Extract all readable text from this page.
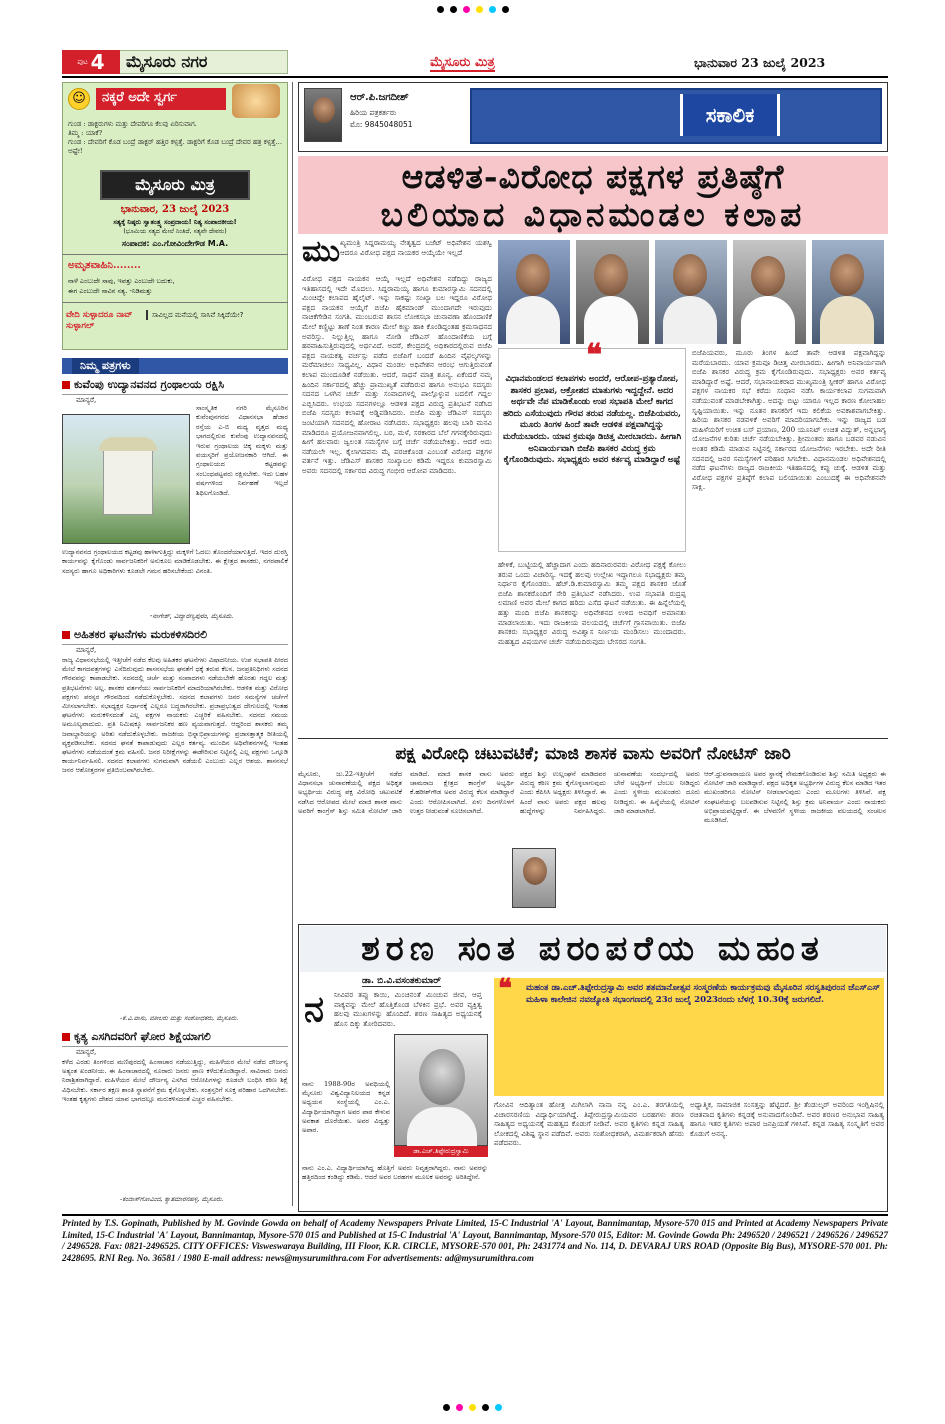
ಪುಟ 4 ಮೈಸೂರು ನಗರ	ಮೈಸೂರು ಮಿತ್ರ	ಭಾನುವಾರ 23 ಜುಲೈ 2023
☺	ನಕ್ಕರೆ ಅದೇ ಸ್ವರ್ಗ
ಗುಂಡ : ಡಾಕ್ಟರುಗಳು ಮತ್ತು ದೇವರಿಗೂ ಕೆಲವು ಏರಿಸುವಾಗ.
ತಿಮ್ಮ : ಯಾಕೆ?
ಗುಂಡ : ದೇವರಿಗೆ ಕೊಡ ಬಂದ್ರೆ ಡಾಕ್ಟರ್ ಹತ್ತಿರ ಕಳ್ಸತ್ತೆ. ಡಾಕ್ಟರಿಗೆ ಕೊಡ ಬಂದ್ರೆ ದೇವರ ಹತ್ರ ಕಳ್ಸತ್ತೆ... ಅಷ್ಟೇ!
ಮೈಸೂರು ಮಿತ್ರ
ಭಾನುವಾರ, 23 ಜುಲೈ 2023
ಸತ್ಯಕ್ಕೆ ನಿಷ್ಠರು ಸ್ವಾತಂತ್ರ್ಯ ಸಂಪ್ರದಾಯ! ನಿತ್ಯ ಸಂಪಾದಕೀಯ!
(ಭೂಮಿಯ ಸತ್ಯದ ಮೇಲೆ ನಿಂತಿದೆ, ಸತ್ಯವೇ ದೇವರು)
ಸಂಪಾದಕ: ಎಂ.ಗೋವಿಂದೇಗೌಡ M.A.
ಅಮೃತವಾಹಿನಿ........
ನಾಳೆ ಎಂಬುದೇ ಸಾವು, ಇವತ್ತು ಎಂಬುದೇ ಬದುಕು,
ಈಗ ಎಂಬುದೇ ಸಾವಿನ ಸತ್ಯ. -ನಿಡಿಮತ್ತು
ವೇದಿ ಸುಳ್ಳಾದರೂ ನಾವ್ ಸುಳ್ಳಾಗಲ್
ಸಾವಿಲ್ಲದ ಮನೆಯಲ್ಲಿ ಸಾಸಿವೆ ಸಿಕ್ಕಿದೆಯೇ?
ನಿಮ್ಮ ಪತ್ರಗಳು
ಕುವೆಂಪು ಉದ್ಯಾನವನದ ಗ್ರಂಥಾಲಯ ರಕ್ಷಿಸಿ
ಮಾನ್ಯರೆ,
ಸಾಂಸ್ಕೃತಿಕ ನಗರಿ ಮೈಸೂರಿನ ಕುವೆಂಪುನಗರದ ವಿಧಾನಸಭಾ ಹೆಜಾರ ರಸ್ತೆಯ ಎ-ಬಿ ಮಧ್ಯ ವೃತ್ತದ ಮಧ್ಯ ಭಾಗದಲ್ಲಿರುವ ಕುವೆಂಪು ಉದ್ಯಾನವನದಲ್ಲಿ ಇರುವ ಗ್ರಂಥಾಲಯ ಚಿಕ್ಕ ಮಕ್ಕಳು ಮತ್ತು ವಯಸ್ಕರಿಗೆ ಪ್ರಯೋಜನಕಾರಿ ಆಗಿದೆ. ಈ ಗ್ರಂಥಾಲಯದ ಕಟ್ಟಡವನ್ನು ಸಂಬಂಧಪಟ್ಟವರು ರಕ್ಷಿಸಬೇಕು. ಇದು ಬಹಳ ವರ್ಷಗಳಿಂದ ನಿರ್ವಹಣೆ ಇಲ್ಲದೆ ಶಿಥಿಲಗೊಂಡಿದೆ.
ಉದ್ಯಾನವನದ ಗ್ರಂಥಾಲಯದ ಕಟ್ಟಡವು ಹಾಳಾಗುತ್ತಿದ್ದು ಮಕ್ಕಳಿಗೆ ಓದಲು ತೊಂದರೆಯಾಗುತ್ತಿದೆ. ಇದರ ದುರಸ್ತಿ ಕಾರ್ಯವನ್ನು ಕೈಗೊಂಡು ಸಾರ್ವಜನಿಕರಿಗೆ ಅನುಕೂಲ ಮಾಡಿಕೊಡಬೇಕು. ಈ ಕ್ಷೇತ್ರದ ಶಾಸಕರು, ನಗರಪಾಲಿಕೆ ಸದಸ್ಯರು ಹಾಗೂ ಅಧಿಕಾರಿಗಳು ಕೂಡಲೇ ಗಮನ ಹರಿಸಬೇಕೆಂದು ವಿನಂತಿ.
-ನಾಗೇಶ್, ವಿದ್ಯಾರಣ್ಯಪುರಂ, ಮೈಸೂರು.
ಅಹಿತಕರ ಘಟನೆಗಳು ಮರುಕಳಿಸದಿರಲಿ
ಮಾನ್ಯರೆ,
ರಾಜ್ಯ ವಿಧಾನಸಭೆಯಲ್ಲಿ ಇತ್ತೀಚೆಗೆ ನಡೆದ ಕೆಲವು ಅಹಿತಕರ ಘಟನೆಗಳು ವಿಷಾದನೀಯ. ಉಪ ಸಭಾಪತಿ ಪೀಠದ ಮೇಲೆ ಕಾಗದಪತ್ರಗಳನ್ನು ಎಸೆದಿರುವುದು ಶಾಸನಸಭೆಯ ಘನತೆಗೆ ಧಕ್ಕೆ ತರುವ ಕೆಲಸ. ಜನಪ್ರತಿನಿಧಿಗಳು ಸದನದ ಗೌರವವನ್ನು ಕಾಪಾಡಬೇಕು. ಸದನದಲ್ಲಿ ಚರ್ಚೆ ಮತ್ತು ಸಂವಾದಗಳು ನಡೆಯಬೇಕೇ ಹೊರತು ಗದ್ದಲ ಮತ್ತು ಪ್ರತಿಭಟನೆಗಳು ಅಲ್ಲ. ಶಾಸಕರ ವರ್ತನೆಯು ಸಾರ್ವಜನಿಕರಿಗೆ ಮಾದರಿಯಾಗಿರಬೇಕು. ಆಡಳಿತ ಮತ್ತು ವಿರೋಧ ಪಕ್ಷಗಳು ಪರಸ್ಪರ ಗೌರವದಿಂದ ನಡೆದುಕೊಳ್ಳಬೇಕು. ಸದನದ ಕಲಾಪಗಳು ಜನರ ಸಮಸ್ಯೆಗಳ ಚರ್ಚೆಗೆ ಮೀಸಲಾಗಬೇಕು. ಸಭಾಧ್ಯಕ್ಷರ ನಿರ್ಧಾರಕ್ಕೆ ಎಲ್ಲರೂ ಬದ್ಧರಾಗಿರಬೇಕು. ಪ್ರಜಾಪ್ರಭುತ್ವದ ದೇಗುಲದಲ್ಲಿ ಇಂತಹ ಘಟನೆಗಳು ಮರುಕಳಿಸದಂತೆ ಎಲ್ಲ ಪಕ್ಷಗಳ ನಾಯಕರು ಎಚ್ಚರಿಕೆ ವಹಿಸಬೇಕು. ಸದನದ ಸಮಯ ಅಮೂಲ್ಯವಾದುದು. ಪ್ರತಿ ನಿಮಿಷಕ್ಕೂ ಸಾರ್ವಜನಿಕರ ಹಣ ವ್ಯಯವಾಗುತ್ತದೆ. ಆದ್ದರಿಂದ ಶಾಸಕರು ತಮ್ಮ ಜವಾಬ್ದಾರಿಯನ್ನು ಅರಿತು ನಡೆದುಕೊಳ್ಳಬೇಕು. ರಾಜಕೀಯ ಭಿನ್ನಾಭಿಪ್ರಾಯಗಳನ್ನು ಪ್ರಜಾಸತ್ತಾತ್ಮಕ ರೀತಿಯಲ್ಲಿ ವ್ಯಕ್ತಪಡಿಸಬೇಕು. ಸದನದ ಘನತೆ ಕಾಪಾಡುವುದು ಎಲ್ಲರ ಕರ್ತವ್ಯ. ಮುಂದಿನ ಅಧಿವೇಶನಗಳಲ್ಲಿ ಇಂತಹ ಘಟನೆಗಳು ನಡೆಯದಂತೆ ಕ್ರಮ ವಹಿಸಲಿ. ಜನರ ನಿರೀಕ್ಷೆಗಳನ್ನು ಈಡೇರಿಸುವ ನಿಟ್ಟಿನಲ್ಲಿ ಎಲ್ಲ ಪಕ್ಷಗಳು ಒಗ್ಗೂಡಿ ಕಾರ್ಯನಿರ್ವಹಿಸಲಿ. ಸದನದ ಕಲಾಪಗಳು ಸುಗಮವಾಗಿ ನಡೆಯಲಿ ಎಂಬುದು ಎಲ್ಲರ ಆಶಯ. ಶಾಸನಸಭೆ ಜನರ ಆಶೋತ್ತರಗಳ ಪ್ರತಿಬಿಂಬವಾಗಿರಬೇಕು.
-ಕೆ.ವಿ.ವಾಸು, ವಕೀಲರು ಮತ್ತು ಸಂಶೋಧಕರು, ಮೈಸೂರು.
ಕೃತ್ಯ ಎಸಗಿದವರಿಗೆ ಘೋರ ಶಿಕ್ಷೆಯಾಗಲಿ
ಮಾನ್ಯರೆ,
ಕಳೆದ ಎರಡು ತಿಂಗಳಿಂದ ಮಣಿಪುರದಲ್ಲಿ ಹಿಂಸಾಚಾರ ನಡೆಯುತ್ತಿದ್ದು, ಮಹಿಳೆಯರ ಮೇಲೆ ನಡೆದ ದೌರ್ಜನ್ಯ ಅತ್ಯಂತ ಖಂಡನೀಯ. ಈ ಹಿಂಸಾಚಾರದಲ್ಲಿ ನೂರಾರು ಜನರು ಪ್ರಾಣ ಕಳೆದುಕೊಂಡಿದ್ದಾರೆ. ಸಾವಿರಾರು ಜನರು ನಿರಾಶ್ರಿತರಾಗಿದ್ದಾರೆ. ಮಹಿಳೆಯರ ಮೇಲೆ ದೌರ್ಜನ್ಯ ಎಸಗಿದ ಆರೋಪಿಗಳನ್ನು ಕೂಡಲೇ ಬಂಧಿಸಿ ಕಠಿಣ ಶಿಕ್ಷೆ ವಿಧಿಸಬೇಕು. ಸರ್ಕಾರ ತಕ್ಷಣ ಶಾಂತಿ ಸ್ಥಾಪನೆಗೆ ಕ್ರಮ ಕೈಗೊಳ್ಳಬೇಕು. ಸಂತ್ರಸ್ತರಿಗೆ ಸೂಕ್ತ ಪರಿಹಾರ ಒದಗಿಸಬೇಕು. ಇಂತಹ ಕೃತ್ಯಗಳು ದೇಶದ ಯಾವ ಭಾಗದಲ್ಲೂ ಮರುಕಳಿಸದಂತೆ ಎಚ್ಚರ ವಹಿಸಬೇಕು.
-ಕಂದಾಸ್‌ಗೋವಿಂದ, ಕ್ಯಾತಮಾರನಹಳ್ಳಿ, ಮೈಸೂರು.
ಆರ್.ಪಿ.ಜಗದೀಶ್
ಹಿರಿಯ ಪತ್ರಕರ್ತರು
ಮೊ: 9845048051	ಸಕಾಲಿಕ
ಆಡಳಿತ-ವಿರೋಧ ಪಕ್ಷಗಳ ಪ್ರತಿಷ್ಠೆಗೆ
ಬಲಿಯಾದ ವಿಧಾನಮಂಡಲ ಕಲಾಪ
ಮು ಖ್ಯಮಂತ್ರಿ ಸಿದ್ದರಾಮಯ್ಯ ನೇತೃತ್ವದ ಬಜೆಟ್ ಅಧಿವೇಶನ ಯಶಸ್ವಿ ಆದರೂ ವಿರೋಧ ಪಕ್ಷದ ನಾಯಕರ ಆಯ್ಕೆಯೇ ಇಲ್ಲದೆ
ವಿರೋಧ ಪಕ್ಷದ ನಾಯಕನ ಆಯ್ಕೆ ಇಲ್ಲದೆ ಅಧಿವೇಶನ ನಡೆದಿದ್ದು ರಾಜ್ಯದ ಇತಿಹಾಸದಲ್ಲಿ ಇದೇ ಮೊದಲು. ಸಿದ್ದರಾಮಯ್ಯ ಹಾಗೂ ಕುಮಾರಸ್ವಾಮಿ ಸದನದಲ್ಲಿ ಮಿಂಚಿದ್ದೇ ಕಲಾಪದ ಹೈಲೈಟ್. ಇನ್ನು ಸಾಕಷ್ಟು ಸಂಖ್ಯಾ ಬಲ ಇದ್ದರೂ ವಿರೋಧ ಪಕ್ಷದ ನಾಯಕನ ಆಯ್ಕೆಗೆ ಬಿಜೆಪಿ ಹೈಕಮಾಂಡ್ ಮುಂದಾಗದೇ ಇರುವುದು ನಾಚಿಕೆಗೇಡಿನ ಸಂಗತಿ. ಮುಂಬರುವ ಶಾಸನ ಲೋಕಸಭಾ ಚುನಾವಣಾ ಹೊಂದಾಣಿಕೆ ಮೇಲೆ ಕಣ್ಣಿಟ್ಟು ತಾಣೆ ನಿಂತ ಕಾರಣ ಮೇಲೆ ಕಣ್ಣು ಹಾಕಿ ಕೊಂಡಿದ್ದಂತಹ ಕ್ರಮಸಾಧನದ ಅವರಿಸ್ತು. ನಿಲ್ಲುತ್ತಿಲ್ಲ ಹಾಗೂ ನೋಡಿ ಜೆಡಿಎಸ್ ಹೊಂದಾಣಿಕೆಯ ಬಗ್ಗೆ ಹಠವಾಹಿಸುತ್ತಿರುವುದಲ್ಲಿ ಅರ್ಥವಿದೆ. ಅದರೆ, ಕೇಂದ್ರದಲ್ಲಿ ಅಧಿಕಾರದಲ್ಲಿರುವ ಬಿಜೆಪಿ ಪಕ್ಷದ ನಾಯಕತ್ವ ವರ್ಚಸ್ಸು ಪಡೆದ ಬಿಜೆಪಿಗೆ ಬಂದರೆ ಹಿಂದಿನ ವೈಫಲ್ಯಗಳನ್ನು ಮರೆಮಾಚಲು ಸಾಧ್ಯವಿಲ್ಲ. ವಿಧಾನ ಮಂಡಲ ಅಧಿವೇಶನ ಆರಂಭ ಆಗುತ್ತಿರುವಂತೆ ಕಲಾಪ ಮುಂದೂಡಿಕೆ ನಡೆಯಿತು. ಆದರೆ, ಸಾಧನೆ ಮಾತ್ರ ಶೂನ್ಯ. ಏಕೆಂದರೆ ನಮ್ಮ ಹಿಂದಿನ ಸರ್ಕಾರದಲ್ಲಿ ಹೆಚ್ಚು ಪ್ರಾಮುಖ್ಯತೆ ಪಡೆದಿರುವ ಹಾಗೂ ಅನುಭವಿ ಸದಸ್ಯರು ಸದನದ ಒಳಗಿನ ಚರ್ಚೆ ಮತ್ತು ಸಂವಾದಗಳಲ್ಲಿ ಪಾಲ್ಗೊಳ್ಳುವ ಬದಲಿಗೆ ಗದ್ದಲ ಎಬ್ಬಿಸಿದರು. ಉಭಯ ಸದನಗಳಲ್ಲೂ ಆಡಳಿತ ಪಕ್ಷದ ವಿರುದ್ಧ ಪ್ರತಿಭಟನೆ ನಡೆಸಿದ ಬಿಜೆಪಿ ಸದಸ್ಯರು ಕಲಾಪಕ್ಕೆ ಅಡ್ಡಿಪಡಿಸಿದರು. ಬಿಜೆಪಿ ಮತ್ತು ಜೆಡಿಎಸ್ ಸದಸ್ಯರು ಜಂಟಿಯಾಗಿ ಸದನದಲ್ಲಿ ಹೋರಾಟ ನಡೆಸಿದರು. ಸಭಾಧ್ಯಕ್ಷರು ಹಲವು ಬಾರಿ ಮನವಿ ಮಾಡಿದರೂ ಪ್ರಯೋಜನವಾಗಲಿಲ್ಲ. ಬರ, ಮಳೆ, ಸರಕಾರದ ಬೆಲೆ ಗಗನಕ್ಕೇರಿರುವುದು ಹೀಗೆ ಹಲವಾರು ಜ್ವಲಂತ ಸಮಸ್ಯೆಗಳ ಬಗ್ಗೆ ಚರ್ಚೆ ನಡೆಯಬೇಕಿತ್ತು. ಆದರೆ ಅದು ನಡೆಯಲೇ ಇಲ್ಲ. ಕೈಲಾಗದವನು ಮೈ ಪರಚಿಕೊಂಡ ಎಂಬಂತೆ ವಿರೋಧ ಪಕ್ಷಗಳ ವರ್ತನೆ ಇತ್ತು. ಜೆಡಿಎಸ್ ಶಾಸಕರ ಸಂಖ್ಯಾಬಲ ಕಡಿಮೆ ಇದ್ದರೂ ಕುಮಾರಸ್ವಾಮಿ ಅವರು ಸದನದಲ್ಲಿ ಸರ್ಕಾರದ ವಿರುದ್ಧ ಗಂಭೀರ ಆರೋಪ ಮಾಡಿದರು.
❝
ವಿಧಾನಮಂಡಲದ ಕಲಾಪಗಳು ಅಂದರೆ, ಆರೋಪ-ಪ್ರತ್ಯಾರೋಪ, ಶಾಸಕರ ಪ್ರಲಾಪ, ಆಕ್ರೋಶದ ಮಾತುಗಳು ಇದ್ದದ್ದೇನೆ. ಅದರ ಅರ್ಥವೇ ನೆಪ ಮಾಡಿಕೊಂಡು ಉಪ ಸಭಾಪತಿ ಮೇಲೆ ಕಾಗದ ಹರಿದು ಎಸೆಯುವುದು ಗೌರವ ತರುವ ನಡೆಯಲ್ಲ. ಬಿಜೆಪಿಯವರು, ಮೂರು ತಿಂಗಳ ಹಿಂದೆ ತಾವೇ ಆಡಳಿತ ಪಕ್ಷವಾಗಿದ್ದನ್ನು ಮರೆಯಬಾರದು. ಯಾವ ಕ್ರಮವೂ ಡಿಚಿತ್ತ ಮೀರಬಾರದು. ಹೀಗಾಗಿ ಅನಿವಾರ್ಯವಾಗಿ ಬಿಜೆಪಿ ಶಾಸಕರ ವಿರುದ್ಧ ಕ್ರಮ ಕೈಗೊಂಡಿರುವುದು. ಸಭಾಧ್ಯಕ್ಷರು ಅವರ ಕರ್ತವ್ಯ ಮಾಡಿದ್ದಾರೆ ಅಷ್ಟೆ
ಹೇಳಿಕೆ, ಬುಟ್ಟಿಯಲ್ಲಿ ಹೆಚ್ಚಾದಾಗ ಎಂದು ಹದಿನಾರುರವರು ವಿರೋಧ ಪಕ್ಷಕ್ಕೆ ಕೋಲು ತರುವ ಒಂದು ವಿಚಾರಿಸ್ಯ. ಇದಕ್ಕೆ ಹಲವು ಉಲ್ಲೇಖ ಇದ್ದಾಗಲೂ ಸಭಾಧ್ಯಕ್ಷರು ತಮ್ಮ ನಿರ್ಧಾರ ಕೈಗೊಂಡರು. ಹೆಚ್.ಡಿ.ಕುಮಾರಸ್ವಾಮಿ ತಮ್ಮ ಪಕ್ಷದ ಶಾಸಕರ ಜೊತೆ ಬಿಜೆಪಿ ಶಾಸಕರೊಂದಿಗೆ ಸೇರಿ ಪ್ರತಿಭಟನೆ ನಡೆಸಿದರು. ಉಪ ಸಭಾಪತಿ ರುದ್ರಪ್ಪ ಲಮಾಣಿ ಅವರ ಮೇಲೆ ಕಾಗದ ಹರಿದು ಎಸೆದ ಘಟನೆ ನಡೆಯಿತು. ಈ ಹಿನ್ನೆಲೆಯಲ್ಲಿ ಹತ್ತು ಮಂದಿ ಬಿಜೆಪಿ ಶಾಸಕರನ್ನು ಅಧಿವೇಶನದ ಉಳಿದ ಅವಧಿಗೆ ಅಮಾನತು ಮಾಡಲಾಯಿತು. ಇದು ರಾಜಕೀಯ ವಲಯದಲ್ಲಿ ಚರ್ಚೆಗೆ ಗ್ರಾಸವಾಯಿತು. ಬಿಜೆಪಿ ಶಾಸಕರು ಸಭಾಧ್ಯಕ್ಷರ ವಿರುದ್ಧ ಅವಿಶ್ವಾಸ ನಿರ್ಣಯ ಮಂಡಿಸಲು ಮುಂದಾದರು. ಮಹತ್ವದ ವಿಷಯಗಳ ಚರ್ಚೆ ನಡೆಯದಿರುವುದು ಬೇಸರದ ಸಂಗತಿ.
ಬಿಜೆಪಿಯವರು, ಮೂರು ತಿಂಗಳ ಹಿಂದೆ ತಾವೇ ಆಡಳಿತ ಪಕ್ಷವಾಗಿದ್ದನ್ನು ಮರೆಯಬಾರದು. ಯಾವ ಕ್ರಮವೂ ಡಿಚಿತ್ತ ಮೀರಬಾರದು. ಹೀಗಾಗಿ ಅನಿವಾರ್ಯವಾಗಿ ಬಿಜೆಪಿ ಶಾಸಕರ ವಿರುದ್ಧ ಕ್ರಮ ಕೈಗೊಂಡಿರುವುದು. ಸಭಾಧ್ಯಕ್ಷರು ಅವರ ಕರ್ತವ್ಯ ಮಾಡಿದ್ದಾರೆ ಅಷ್ಟೆ. ಆದರೆ, ಸಭಾನಾಯಕರಾದ ಮುಖ್ಯಮಂತ್ರಿ ಸ್ಪೀಕರ್ ಹಾಗೂ ವಿರೋಧ ಪಕ್ಷಗಳ ನಾಯಕರ ಸಭೆ ಕರೆದು ಸಂಧಾನ ನಡೆಸಿ ಕಾರ್ಯಕಲಾಪ ಸುಗಮವಾಗಿ ನಡೆಯುವಂತೆ ಮಾಡಬೇಕಾಗಿತ್ತು. ಅದನ್ನು ಬಿಟ್ಟು ಯಾರೂ ಇಲ್ಲದ ಕಾರಣ ಕೋಲಾಹಲ ಸೃಷ್ಟಿಯಾಯಿತು. ಇನ್ನು ನೂತನ ಶಾಸಕರಿಗೆ ಇದು ಕಲಿಕೆಯ ಅವಕಾಶವಾಗಬೇಕಿತ್ತು. ಹಿರಿಯ ಶಾಸಕರ ನಡವಳಿಕೆ ಅವರಿಗೆ ಮಾದರಿಯಾಗಬೇಕು. ಇನ್ನು ರಾಜ್ಯದ ಬಡ ಮಹಿಳೆಯರಿಗೆ ಉಚಿತ ಬಸ್ ಪ್ರಯಾಣ, 200 ಯೂನಿಟ್ ಉಚಿತ ವಿದ್ಯುತ್, ಅನ್ನಭಾಗ್ಯ ಯೋಜನೆಗಳ ಕುರಿತು ಚರ್ಚೆ ನಡೆಯಬೇಕಿತ್ತು. ಶ್ರೀಮಂತರು ಹಾಗೂ ಬಡವರ ನಡುವಿನ ಅಂತರ ಕಡಿಮೆ ಮಾಡುವ ನಿಟ್ಟಿನಲ್ಲಿ ಸರ್ಕಾರದ ಯೋಜನೆಗಳು ಇರಬೇಕು. ಅದೇ ರೀತಿ ಸದನದಲ್ಲಿ ಜನರ ಸಮಸ್ಯೆಗಳಿಗೆ ಪರಿಹಾರ ಸಿಗಬೇಕು. ವಿಧಾನಮಂಡಲ ಅಧಿವೇಶನದಲ್ಲಿ ನಡೆದ ಘಟನೆಗಳು ರಾಜ್ಯದ ರಾಜಕೀಯ ಇತಿಹಾಸದಲ್ಲಿ ಕಪ್ಪು ಚುಕ್ಕೆ. ಆಡಳಿತ ಮತ್ತು ವಿರೋಧ ಪಕ್ಷಗಳ ಪ್ರತಿಷ್ಠೆಗೆ ಕಲಾಪ ಬಲಿಯಾಯಿತು ಎಂಬುದಕ್ಕೆ ಈ ಅಧಿವೇಶನವೇ ಸಾಕ್ಷಿ.
ಪಕ್ಷ ವಿರೋಧಿ ಚಟುವಟಿಕೆ; ಮಾಜಿ ಶಾಸಕ ವಾಸು ಅವರಿಗೆ ನೋಟಿಸ್ ಜಾರಿ
ಮೈಸೂರು, ಜು.22-ಇತ್ತೀಚೆಗೆ ನಡೆದ ವಿಧಾನಸಭಾ ಚುನಾವಣೆಯಲ್ಲಿ ಪಕ್ಷದ ಅಧಿಕೃತ ಅಭ್ಯರ್ಥಿಯ ವಿರುದ್ಧ ಪಕ್ಷ ವಿರೋಧಿ ಚಟುವಟಿಕೆ ನಡೆಸಿದ ಆರೋಪದ ಮೇಲೆ ಮಾಜಿ ಶಾಸಕ ವಾಸು ಅವರಿಗೆ ಕಾಂಗ್ರೆಸ್ ಶಿಸ್ತು ಸಮಿತಿ ನೋಟಿಸ್ ಜಾರಿ ಮಾಡಿದೆ. ಮಾಜಿ ಶಾಸಕ ವಾಸು ಅವರು ಚಾಮರಾಜ ಕ್ಷೇತ್ರದ ಕಾಂಗ್ರೆಸ್ ಅಭ್ಯರ್ಥಿ ಕೆ.ಹರೀಶ್‌ಗೌಡ ಅವರ ವಿರುದ್ಧ ಕೆಲಸ ಮಾಡಿದ್ದಾರೆ ಎಂದು ಆರೋಪಿಸಲಾಗಿದೆ. ಏಳು ದಿನಗಳೊಳಗೆ ಉತ್ತರ ನೀಡುವಂತೆ ಸೂಚಿಸಲಾಗಿದೆ.
ಪಕ್ಷದ ಶಿಸ್ತು ಉಲ್ಲಂಘನೆ ಮಾಡಿದವರ ವಿರುದ್ಧ ಕಠಿಣ ಕ್ರಮ ಕೈಗೊಳ್ಳಲಾಗುವುದು ಎಂದು ಕೆಪಿಸಿಸಿ ಅಧ್ಯಕ್ಷರು ತಿಳಿಸಿದ್ದಾರೆ. ಈ ಹಿಂದೆ ವಾಸು ಅವರು ಪಕ್ಷದ ಹಲವು ಹುದ್ದೆಗಳನ್ನು ನಿರ್ವಹಿಸಿದ್ದರು. ಚುನಾವಣೆಯ ಸಂದರ್ಭದಲ್ಲಿ ಅವರು ಬೇರೆ ಅಭ್ಯರ್ಥಿಗೆ ಬೆಂಬಲ ನೀಡಿದ್ದರು ಎಂದು ಸ್ಥಳೀಯ ಮುಖಂಡರು ದೂರು ನೀಡಿದ್ದರು. ಈ ಹಿನ್ನೆಲೆಯಲ್ಲಿ ನೋಟಿಸ್ ಜಾರಿ ಮಾಡಲಾಗಿದೆ.
ಆರ್.ಧ್ರುವನಾರಾಯಣ ಅವರ ಸ್ಥಾನಕ್ಕೆ ನೇಮಕಗೊಂಡಿರುವ ಶಿಸ್ತು ಸಮಿತಿ ಅಧ್ಯಕ್ಷರು ಈ ನೋಟಿಸ್ ಜಾರಿ ಮಾಡಿದ್ದಾರೆ. ಪಕ್ಷದ ಅಧಿಕೃತ ಅಭ್ಯರ್ಥಿಗಳ ವಿರುದ್ಧ ಕೆಲಸ ಮಾಡಿದ ಇತರ ಮುಖಂಡರಿಗೂ ನೋಟಿಸ್ ನೀಡಲಾಗುವುದು ಎಂದು ಮೂಲಗಳು ತಿಳಿಸಿವೆ. ಪಕ್ಷ ಸಂಘಟನೆಯನ್ನು ಬಲಪಡಿಸುವ ನಿಟ್ಟಿನಲ್ಲಿ ಶಿಸ್ತು ಕ್ರಮ ಅನಿವಾರ್ಯ ಎಂದು ನಾಯಕರು ಅಭಿಪ್ರಾಯಪಟ್ಟಿದ್ದಾರೆ. ಈ ಬೆಳವಣಿಗೆ ಸ್ಥಳೀಯ ರಾಜಕೀಯ ವಲಯದಲ್ಲಿ ಸಂಚಲನ ಮೂಡಿಸಿದೆ.
ಶರಣ ಸಂತ ಪರಂಪರೆಯ ಮಹಂತ
ಡಾ. ಬಿ.ವಿ.ವಸಂತಕುಮಾರ್
ನ ನೀವಿವರ ತಪ್ಪು ಕಾಯಿ, ಮಿಂಚಿನಂತೆ ಮಿಂಚುವ ಜೀವ, ಆಪ್ತ ವಾಕ್ಯವನ್ನು ಮೇಲೆ ಹೊತ್ತಿಕೊಂಡ ಬೆಳಕಿನ ಪ್ರಭೆ. ಅವರ ವ್ಯಕ್ತಿತ್ವ ಹಲವು ಮುಖಗಳನ್ನು ಹೊಂದಿದೆ. ಶರಣ ಸಾಹಿತ್ಯದ ಅಧ್ಯಯನಕ್ಕೆ ಹೊಸ ದಿಕ್ಕು ತೋರಿದವರು.
ಡಾ.ಎಚ್.ತಿಪ್ಪೇರುದ್ರಸ್ವಾಮಿ
ನಾನು 1988-90ರ ಅವಧಿಯಲ್ಲಿ ಮೈಸೂರು ವಿಶ್ವವಿದ್ಯಾನಿಲಯದ ಕನ್ನಡ ಅಧ್ಯಯನ ಸಂಸ್ಥೆಯಲ್ಲಿ ಎಂ.ಎ. ವಿದ್ಯಾರ್ಥಿಯಾಗಿದ್ದಾಗ ಅವರ ಪಾಠ ಕೇಳುವ ಅವಕಾಶ ದೊರೆಯಿತು. ಅವರ ವಿದ್ವತ್ತು ಅಪಾರ.
ನಾನು ಎಂ.ಎ. ವಿದ್ಯಾರ್ಥಿಯಾಗಿದ್ದ ಹೊತ್ತಿಗೆ ಅವರು ನಿವೃತ್ತರಾಗಿದ್ದರು. ನಾನು ಅವರನ್ನು ಹತ್ತಿರದಿಂದ ಕಂಡಿದ್ದು ಕಡಿಮೆ. ಆದರೆ ಅವರ ಬರಹಗಳ ಮೂಲಕ ಅವರನ್ನು ಅರಿತಿದ್ದೇನೆ.
❝ ಮಹಂತ ಡಾ.ಎಚ್.ತಿಪ್ಪೇರುದ್ರಸ್ವಾಮಿ ಅವರ ಶತಮಾನೋತ್ಸವ ಸಂಸ್ಮರಣೆಯ ಕಾರ್ಯಕ್ರಮವು ಮೈಸೂರಿನ ಸರಸ್ವತಿಪುರಂನ ಜೆಎಸ್‌ಎಸ್ ಮಹಿಳಾ ಕಾಲೇಜಿನ ನವಜ್ಯೋತಿ ಸಭಾಂಗಣದಲ್ಲಿ 23ರ ಜುಲೈ 2023ರಂದು ಬೆಳಗ್ಗೆ 10.30ಕ್ಕೆ ಜರುಗಲಿದೆ.
ಗೋವಿನ ಆದಿತ್ಯಾಂತ ಹೋತ್ರ ಮಿಗಿಲಾಗಿ ನಾನಾ ನನ್ನ ಎಂ.ಎ. ತರಗತಿಯಲ್ಲಿ ವಿಚಾರಸರಣಿಯ ವಿದ್ಯಾರ್ಥಿಯಾಗಿದ್ದೆ. ತಿಪ್ಪೇರುದ್ರಸ್ವಾಮಿಯವರ ಬರಹಗಳು ಶರಣ ಸಾಹಿತ್ಯದ ಅಧ್ಯಯನಕ್ಕೆ ಮಹತ್ವದ ಕೊಡುಗೆ ನೀಡಿವೆ. ಅವರ ಕೃತಿಗಳು ಕನ್ನಡ ಸಾಹಿತ್ಯ ಲೋಕದಲ್ಲಿ ವಿಶಿಷ್ಟ ಸ್ಥಾನ ಪಡೆದಿವೆ. ಅವರು ಸಂಶೋಧಕರಾಗಿ, ವಿಮರ್ಶಕರಾಗಿ ಹೆಸರು ಪಡೆದವರು.
ಅಧ್ಯಾತ್ಮಿಕ, ಸಾಮಾಜಿಕ ಸಂಸತ್ತನ್ನು ಹೆಟ್ಟಿದರೆ. ಶ್ರೀ ತೆಂಡುಲ್ಕರ್ ಅವರಿಂದ ಇಂಗ್ಲಿಷಿನಲ್ಲಿ ರಚಿತವಾದ ಕೃತಿಗಳು ಕನ್ನಡಕ್ಕೆ ಅನುವಾದಗೊಂಡಿವೆ. ಅವರ ಶರಣರ ಅನುಭಾವ ಸಾಹಿತ್ಯ ಹಾಗೂ ಇತರ ಕೃತಿಗಳು ಅಪಾರ ಜನಪ್ರಿಯತೆ ಗಳಿಸಿವೆ. ಕನ್ನಡ ಸಾಹಿತ್ಯ ಸಂಸ್ಕೃತಿಗೆ ಅವರ ಕೊಡುಗೆ ಅನನ್ಯ.
Printed by T.S. Gopinath, Published by M. Govinde Gowda on behalf of Academy Newspapers Private Limited, 15-C Industrial 'A' Layout, Bannimantap, Mysore-570 015 and Printed at Academy Newspapers Private Limited, 15-C Industrial 'A' Layout, Bannimantap, Mysore-570 015 and Published at 15-C Industrial 'A' Layout, Bannimantap, Mysore-570 015, Editor: M. Govinde Gowda Ph: 2496520 / 2496521 / 2496526 / 2496527 / 2496528. Fax: 0821-2496525. CITY OFFICES: Visweswaraya Building, III Floor, K.R. CIRCLE, MYSORE-570 001, Ph: 2431774 and No. 114, D. DEVARAJ URS ROAD (Opposite Big Bus), MYSORE-570 001. Ph: 2428695. RNI Reg. No. 36581 / 1980 E-mail address: news@mysurumithra.com For advertisements: ad@mysurumithra.com
